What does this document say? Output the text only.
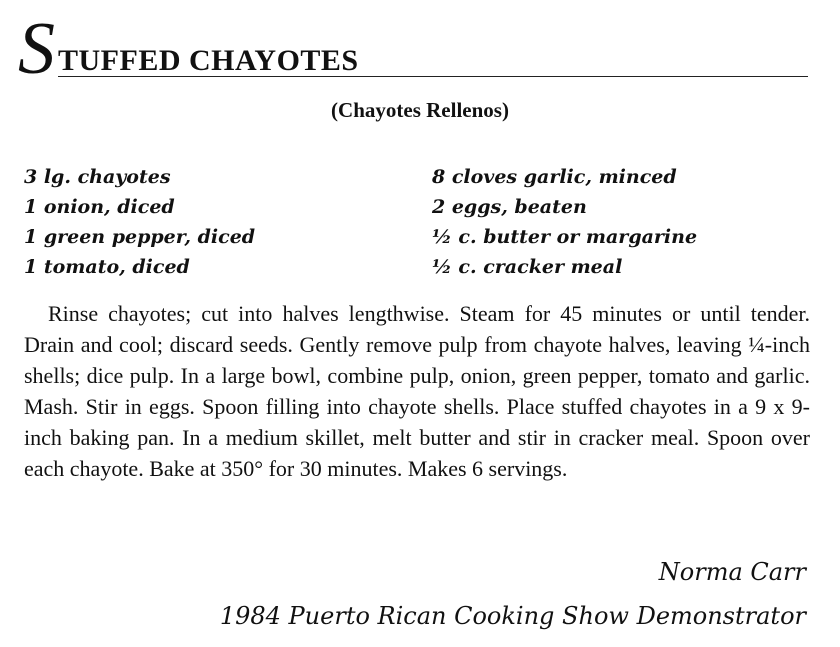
S TUFFED CHAYOTES
(Chayotes Rellenos)
3 lg. chayotes
1 onion, diced
1 green pepper, diced
1 tomato, diced
8 cloves garlic, minced
2 eggs, beaten
½ c. butter or margarine
½ c. cracker meal

Rinse chayotes; cut into halves lengthwise. Steam for 45 minutes or until tender. Drain and cool; discard seeds. Gently remove pulp from chayote halves, leaving ¼-inch shells; dice pulp. In a large bowl, combine pulp, onion, green pepper, tomato and garlic. Mash. Stir in eggs. Spoon filling into chayote shells. Place stuffed chayotes in a 9 x 9-inch baking pan. In a medium skillet, melt butter and stir in cracker meal. Spoon over each chayote. Bake at 350° for 30 minutes. Makes 6 servings.

Norma Carr
1984 Puerto Rican Cooking Show Demonstrator
